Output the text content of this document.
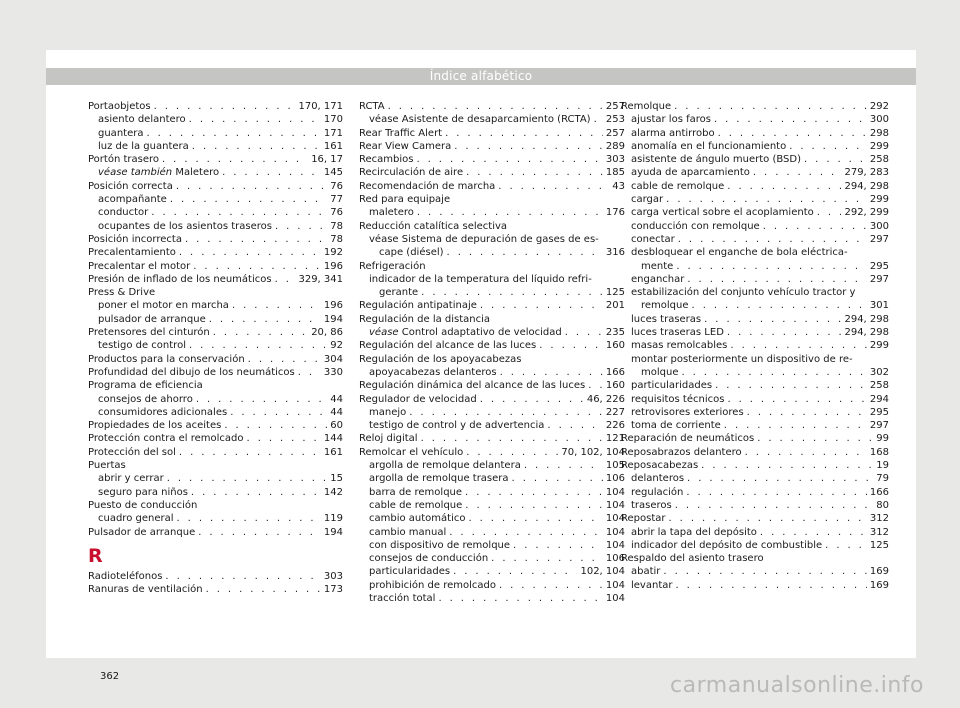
Índice alfabético
Portaobjetos . . .	170, 171
asiento delantero . . .	170
guantera . . .	171
luz de la guantera . . .	161
Portón trasero . . .	16, 17
véase también Maletero . . .	145
Posición correcta . . .	76
acompañante . . .	77
conductor . . .	76
ocupantes de los asientos traseros . . .	78
Posición incorrecta . . .	78
Precalentamiento . . .	192
Precalentar el motor . . .	196
Presión de inflado de los neumáticos . . .	329, 341
Press & Drive
poner el motor en marcha . . .	196
pulsador de arranque . . .	194
Pretensores del cinturón . . .	20, 86
testigo de control . . .	92
Productos para la conservación . . .	304
Profundidad del dibujo de los neumáticos . . .	330
Programa de eficiencia
consejos de ahorro . . .	44
consumidores adicionales . . .	44
Propiedades de los aceites . . .	60
Protección contra el remolcado . . .	144
Protección del sol . . .	161
Puertas
abrir y cerrar . . .	15
seguro para niños . . .	142
Puesto de conducción
cuadro general . . .	119
Pulsador de arranque . . .	194
R
Radioteléfonos . . .	303
Ranuras de ventilación . . .	173
RCTA . . .	257
véase Asistente de desaparcamiento (RCTA) . . . 253
Rear Traffic Alert . . .	257
Rear View Camera . . .	289
Recambios . . .	303
Recirculación de aire . . .	185
Recomendación de marcha . . .	43
Red para equipaje
maletero . . .	176
Reducción catalítica selectiva
véase Sistema de depuración de gases de es-
cape (diésel) . . .	316
Refrigeración
indicador de la temperatura del líquido refri-
gerante . . .	125
Regulación antipatinaje . . .	201
Regulación de la distancia
véase Control adaptativo de velocidad . . .	235
Regulación del alcance de las luces . . .	160
Regulación de los apoyacabezas
apoyacabezas delanteros . . .	166
Regulación dinámica del alcance de las luces . . . 160
Regulador de velocidad . . .	46, 226
manejo . . .	227
testigo de control y de advertencia . . .	226
Reloj digital . . .	121
Remolcar el vehículo . . .	70, 102, 104
argolla de remolque delantera . . .	105
argolla de remolque trasera . . .	106
barra de remolque . . .	104
cable de remolque . . .	104
cambio automático . . .	104
cambio manual . . .	104
con dispositivo de remolque . . .	104
consejos de conducción . . .	106
particularidades . . .	102, 104
prohibición de remolcado . . .	104
tracción total . . .	104
Remolque . . .	292
ajustar los faros . . .	300
alarma antirrobo . . .	298
anomalía en el funcionamiento . . .	299
asistente de ángulo muerto (BSD) . . .	258
ayuda de aparcamiento . . .	279, 283
cable de remolque . . .	294, 298
cargar . . .	299
carga vertical sobre el acoplamiento . . .	292, 299
conducción con remolque . . .	300
conectar . . .	297
desbloquear el enganche de bola eléctrica-
mente . . .	295
enganchar . . .	297
estabilización del conjunto vehículo tractor y
remolque . . .	301
luces traseras . . .	294, 298
luces traseras LED . . .	294, 298
masas remolcables . . .	299
montar posteriormente un dispositivo de re-
molque . . .	302
particularidades . . .	258
requisitos técnicos . . .	294
retrovisores exteriores . . .	295
toma de corriente . . .	297
Reparación de neumáticos . . .	99
Reposabrazos delantero . . .	168
Reposacabezas . . .	19
delanteros . . .	79
regulación . . .	166
traseros . . .	80
Repostar . . .	312
abrir la tapa del depósito . . .	312
indicador del depósito de combustible . . .	125
Respaldo del asiento trasero
abatir . . .	169
levantar . . .	169
362	carmanualsonline.info
